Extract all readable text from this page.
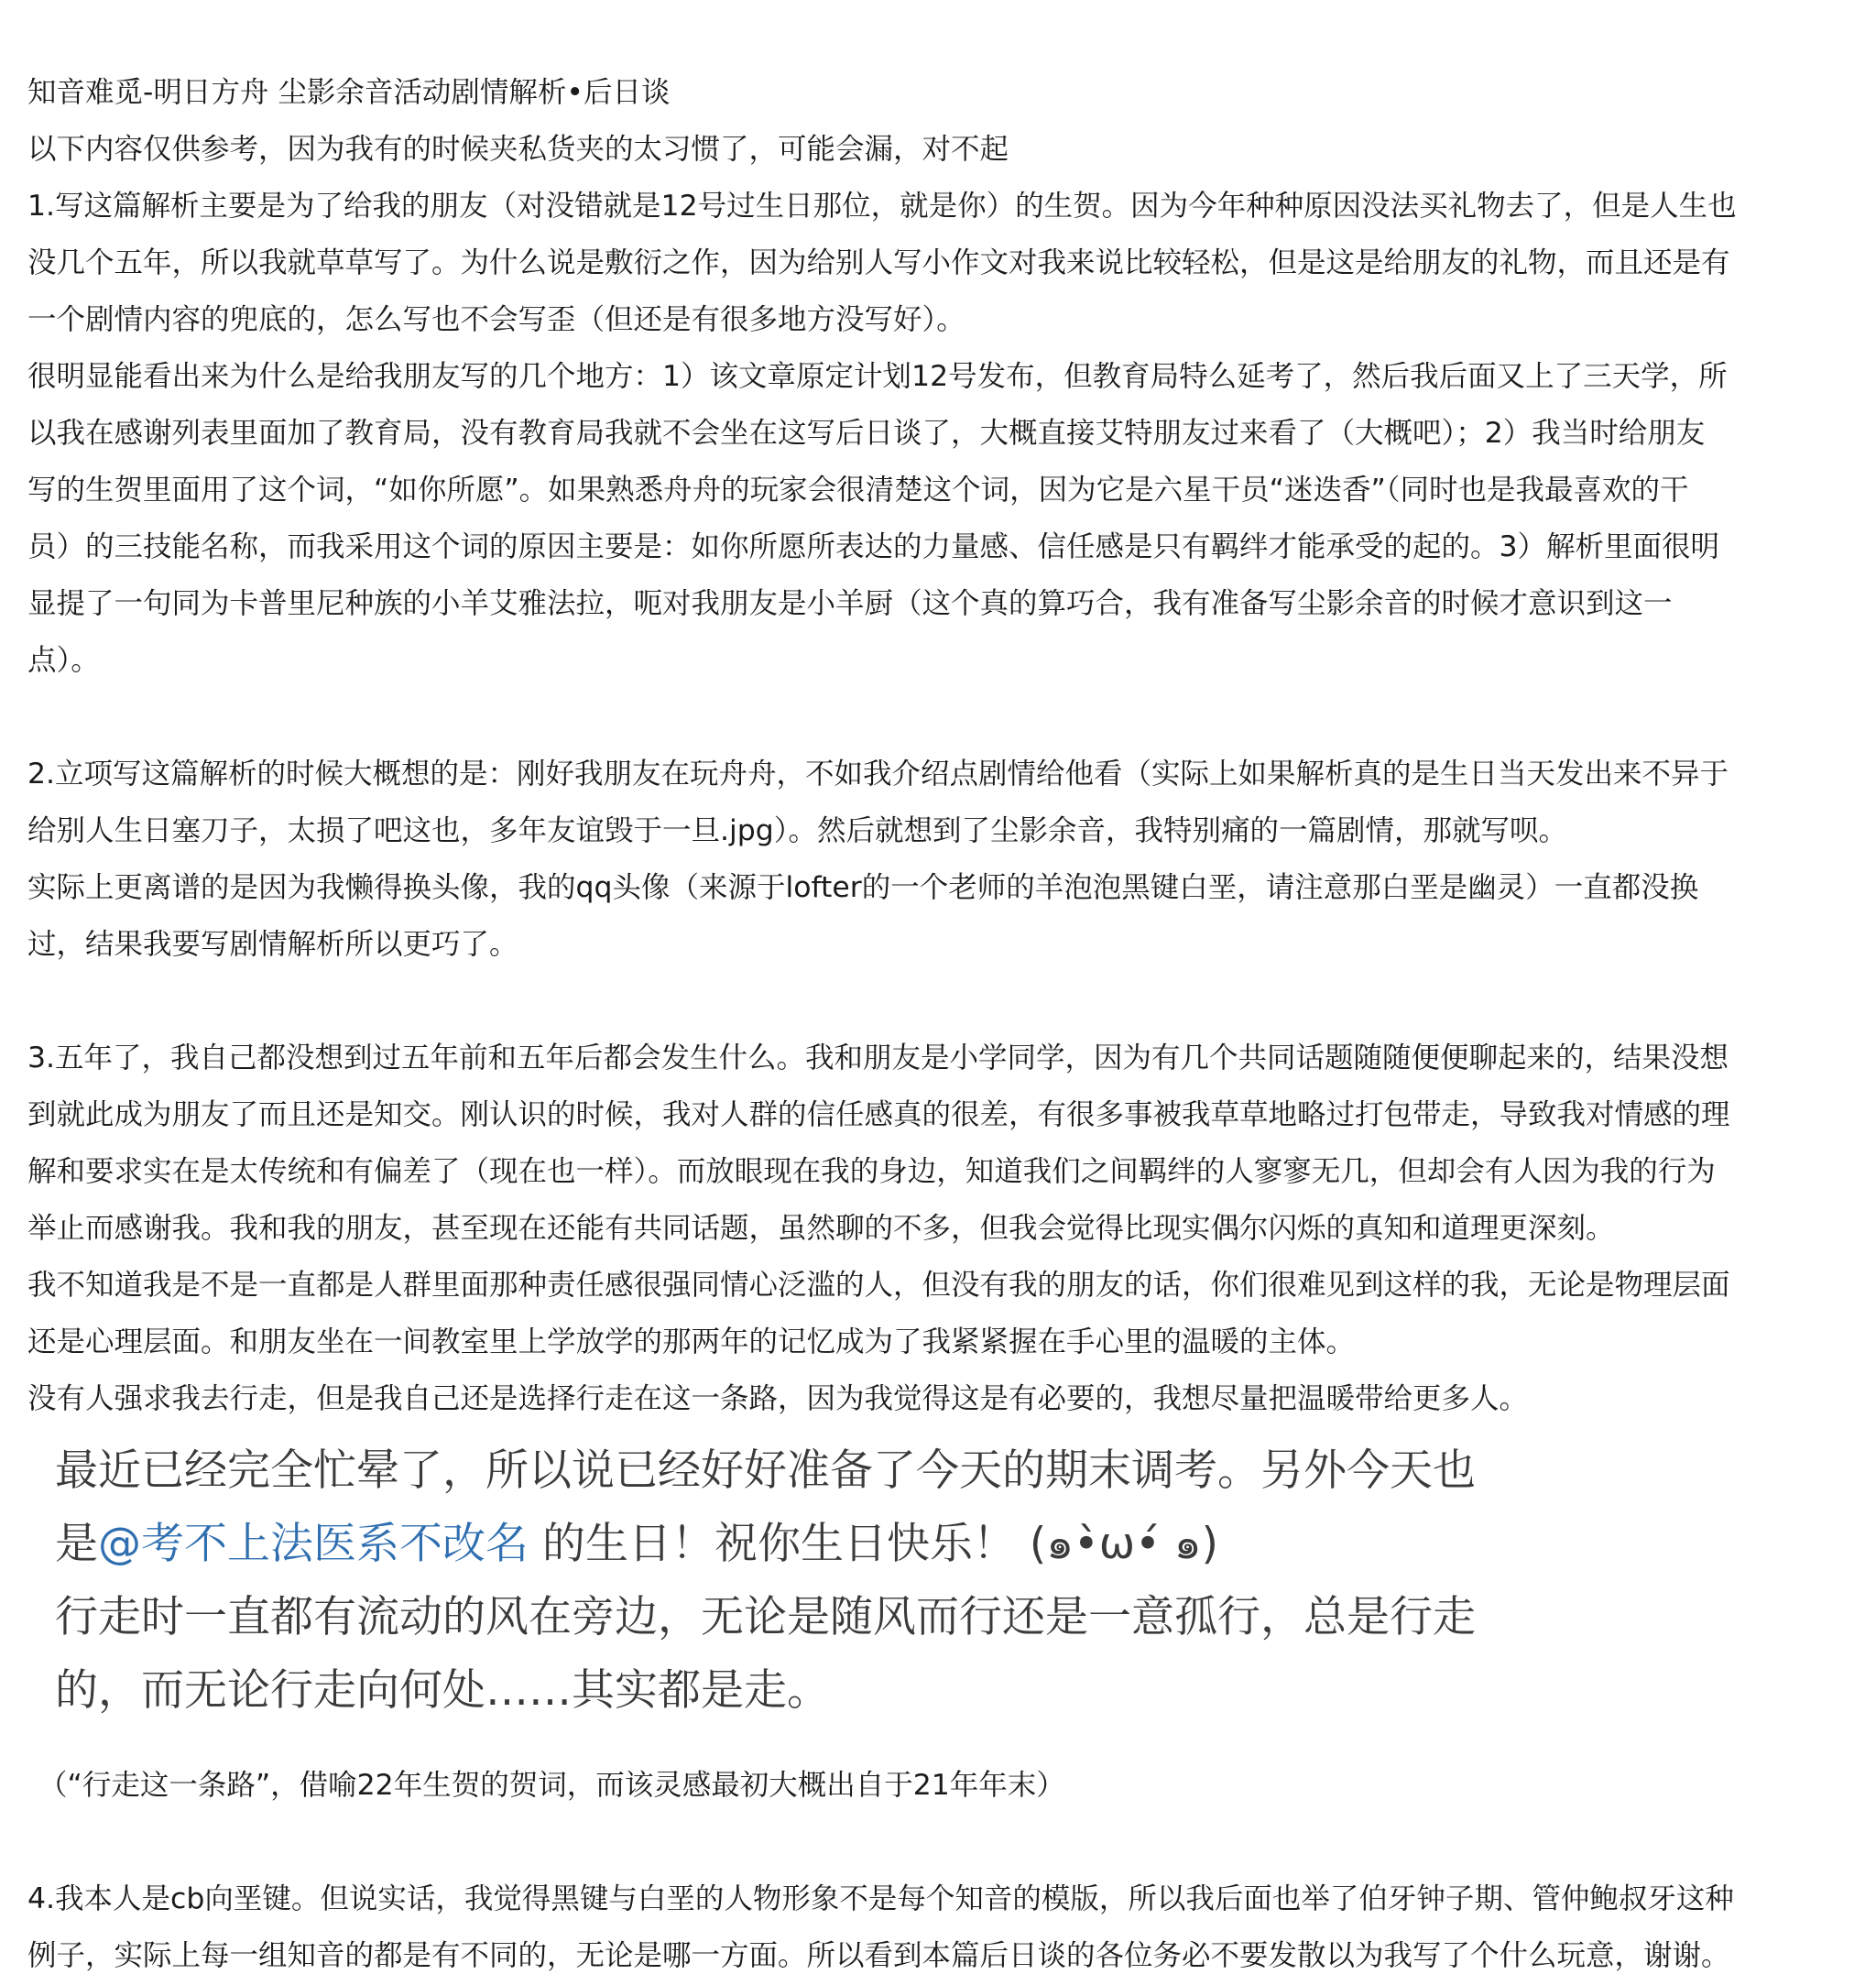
知音难觅-明日方舟 尘影余音活动剧情解析•后日谈

以下内容仅供参考，因为我有的时候夹私货夹的太习惯了，可能会漏，对不起

1.写这篇解析主要是为了给我的朋友（对没错就是12号过生日那位，就是你）的生贺。因为今年种种原因没法买礼物去了，但是人生也

没几个五年，所以我就草草写了。为什么说是敷衍之作，因为给别人写小作文对我来说比较轻松，但是这是给朋友的礼物，而且还是有

一个剧情内容的兜底的，怎么写也不会写歪（但还是有很多地方没写好）。

很明显能看出来为什么是给我朋友写的几个地方：1）该文章原定计划12号发布，但教育局特么延考了，然后我后面又上了三天学，所

以我在感谢列表里面加了教育局，没有教育局我就不会坐在这写后日谈了，大概直接艾特朋友过来看了（大概吧）；2）我当时给朋友

写的生贺里面用了这个词，“如你所愿”。如果熟悉舟舟的玩家会很清楚这个词，因为它是六星干员“迷迭香”（同时也是我最喜欢的干

员）的三技能名称，而我采用这个词的原因主要是：如你所愿所表达的力量感、信任感是只有羁绊才能承受的起的。3）解析里面很明

显提了一句同为卡普里尼种族的小羊艾雅法拉，呃对我朋友是小羊厨（这个真的算巧合，我有准备写尘影余音的时候才意识到这一

点）。

2.立项写这篇解析的时候大概想的是：刚好我朋友在玩舟舟，不如我介绍点剧情给他看（实际上如果解析真的是生日当天发出来不异于

给别人生日塞刀子，太损了吧这也，多年友谊毁于一旦.jpg）。然后就想到了尘影余音，我特别痛的一篇剧情，那就写呗。

实际上更离谱的是因为我懒得换头像，我的qq头像（来源于lofter的一个老师的羊泡泡黑键白垩，请注意那白垩是幽灵）一直都没换

过，结果我要写剧情解析所以更巧了。

3.五年了，我自己都没想到过五年前和五年后都会发生什么。我和朋友是小学同学，因为有几个共同话题随随便便聊起来的，结果没想

到就此成为朋友了而且还是知交。刚认识的时候，我对人群的信任感真的很差，有很多事被我草草地略过打包带走，导致我对情感的理

解和要求实在是太传统和有偏差了（现在也一样）。而放眼现在我的身边，知道我们之间羁绊的人寥寥无几，但却会有人因为我的行为

举止而感谢我。我和我的朋友，甚至现在还能有共同话题，虽然聊的不多，但我会觉得比现实偶尔闪烁的真知和道理更深刻。

我不知道我是不是一直都是人群里面那种责任感很强同情心泛滥的人，但没有我的朋友的话，你们很难见到这样的我，无论是物理层面

还是心理层面。和朋友坐在一间教室里上学放学的那两年的记忆成为了我紧紧握在手心里的温暖的主体。

没有人强求我去行走，但是我自己还是选择行走在这一条路，因为我觉得这是有必要的，我想尽量把温暖带给更多人。

最近已经完全忙晕了，所以说已经好好准备了今天的期末调考。另外今天也

是@考不上法医系不改名 的生日！祝你生日快乐！ (๑•̀ω•́ ๑)

行走时一直都有流动的风在旁边，无论是随风而行还是一意孤行，总是行走

的，而无论行走向何处……其实都是走。

（“行走这一条路”，借喻22年生贺的贺词，而该灵感最初大概出自于21年年末）

4.我本人是cb向垩键。但说实话，我觉得黑键与白垩的人物形象不是每个知音的模版，所以我后面也举了伯牙钟子期、管仲鲍叔牙这种

例子，实际上每一组知音的都是有不同的，无论是哪一方面。所以看到本篇后日谈的各位务必不要发散以为我写了个什么玩意，谢谢。
